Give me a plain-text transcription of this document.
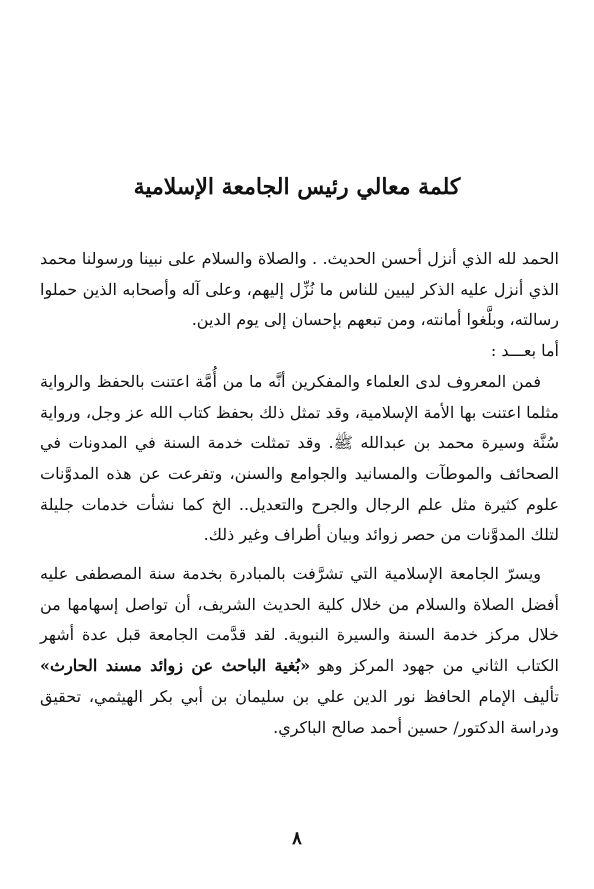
كلمة معالي رئيس الجامعة الإسلامية

الحمد لله الذي أنزل أحسن الحديث. . والصلاة والسلام على نبينا ورسولنا محمد الذي أنزل عليه الذكر ليبين للناس ما نُزِّل إليهم، وعلى آله وأصحابه الذين حملوا رسالته، وبلَّغوا أمانته، ومن تبعهم بإحسان إلى يوم الدين.

أما بعـــد :

فمن المعروف لدى العلماء والمفكرين أنَّه ما من أُمَّة اعتنت بالحفظ والرواية مثلما اعتنت بها الأمة الإسلامية، وقد تمثل ذلك بحفظ كتاب الله عز وجل، ورواية سُنَّة وسيرة محمد بن عبدالله ﷺ. وقد تمثلت خدمة السنة في المدونات في الصحائف والموطآت والمسانيد والجوامع والسنن، وتفرعت عن هذه المدوَّنات علوم كثيرة مثل علم الرجال والجرح والتعديل.. الخ كما نشأت خدمات جليلة لتلك المدوَّنات من حصر زوائد وبيان أطراف وغير ذلك.

ويسرّ الجامعة الإسلامية التي تشرَّفت بالمبادرة بخدمة سنة المصطفى عليه أفضل الصلاة والسلام من خلال كلية الحديث الشريف، أن تواصل إسهامها من خلال مركز خدمة السنة والسيرة النبوية. لقد قدَّمت الجامعة قبل عدة أشهر الكتاب الثاني من جهود المركز وهو «بُغية الباحث عن زوائد مسند الحارث» تأليف الإمام الحافظ نور الدين علي بن سليمان بن أبي بكر الهيثمي، تحقيق ودراسة الدكتور/ حسين أحمد صالح الباكري.

٨
